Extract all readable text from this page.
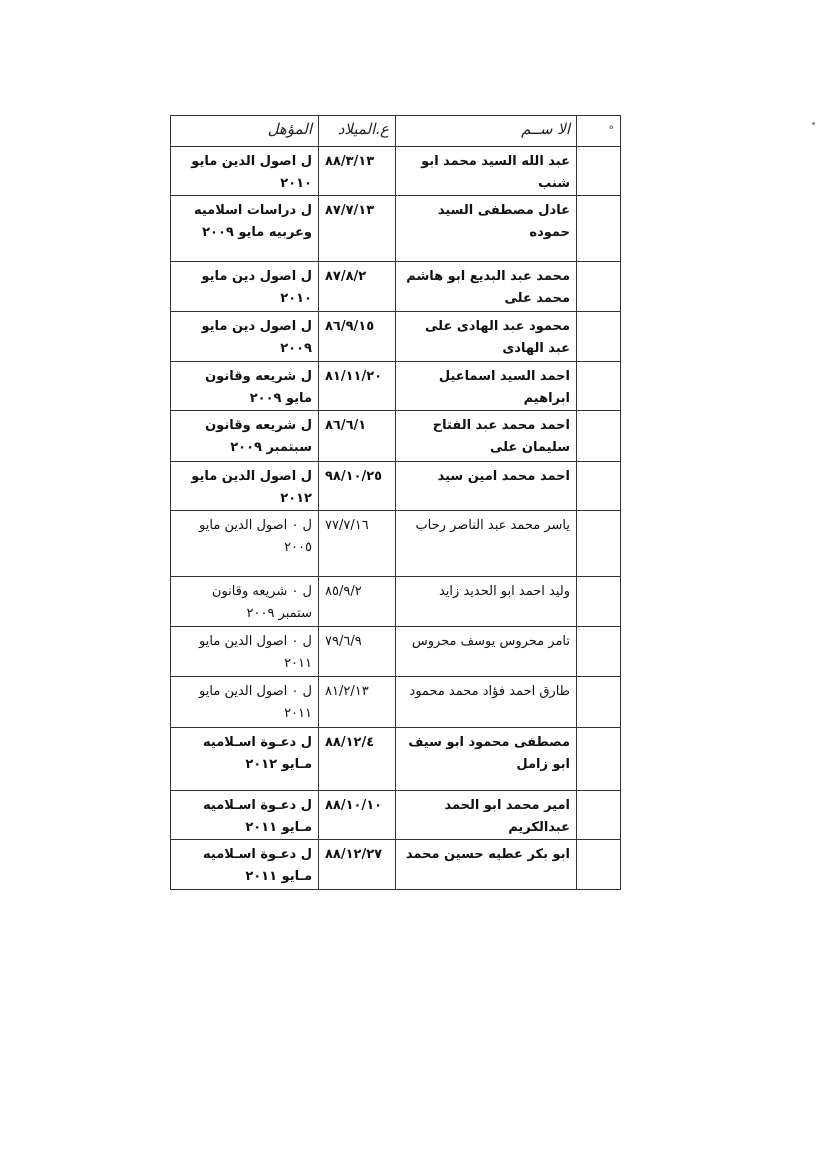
°	الا ســم	ع.الميلاد	المؤهل
	عبد الله السيد محمد ابو شنب	٨٨/٣/١٣	ل اصول الدين مايو ٢٠١٠
	عادل مصطفى السيد حموده	٨٧/٧/١٣	ل دراسات اسلاميه وعربيه مايو ٢٠٠٩
	محمد عبد البديع ابو هاشم محمد على	٨٧/٨/٢	ل اصول دين مايو ٢٠١٠
	محمود عبد الهادى على عبد الهادى	٨٦/٩/١٥	ل اصول دين مايو ٢٠٠٩
	احمد السيد اسماعيل ابراهيم	٨١/١١/٢٠	ل شريعه وقانون مايو ٢٠٠٩
	احمد محمد عبد الفتاح سليمان على	٨٦/٦/١	ل شريعه وقانون سبتمبر ٢٠٠٩
	احمد محمد امين سيد	٩٨/١٠/٢٥	ل اصول الدين مايو ٢٠١٢
	ياسر محمد عبد الناصر رحاب	٧٧/٧/١٦	ل ٠ اصول الدين مايو ٢٠٠٥
	وليد احمد ابو الحديد زايد	٨٥/٩/٢	ل ٠ شريعه وقانون ستمبر ٢٠٠٩
	تامر محروس يوسف محروس	٧٩/٦/٩	ل ٠ اصول الدين مايو ٢٠١١
	طارق احمد فؤاد محمد محمود	٨١/٢/١٣	ل ٠ اصول الدين مايو ٢٠١١
	مصطفى محمود ابو سيف ابو زامل	٨٨/١٢/٤	ل دعـوة اسـلاميه مـايو ٢٠١٢
	امير محمد ابو الحمد عبدالكريم	٨٨/١٠/١٠	ل دعـوة اسـلاميه مـايو ٢٠١١
	ابو بكر عطيه حسين محمد	٨٨/١٢/٢٧	ل دعـوة اسـلاميه مـايو ٢٠١١
